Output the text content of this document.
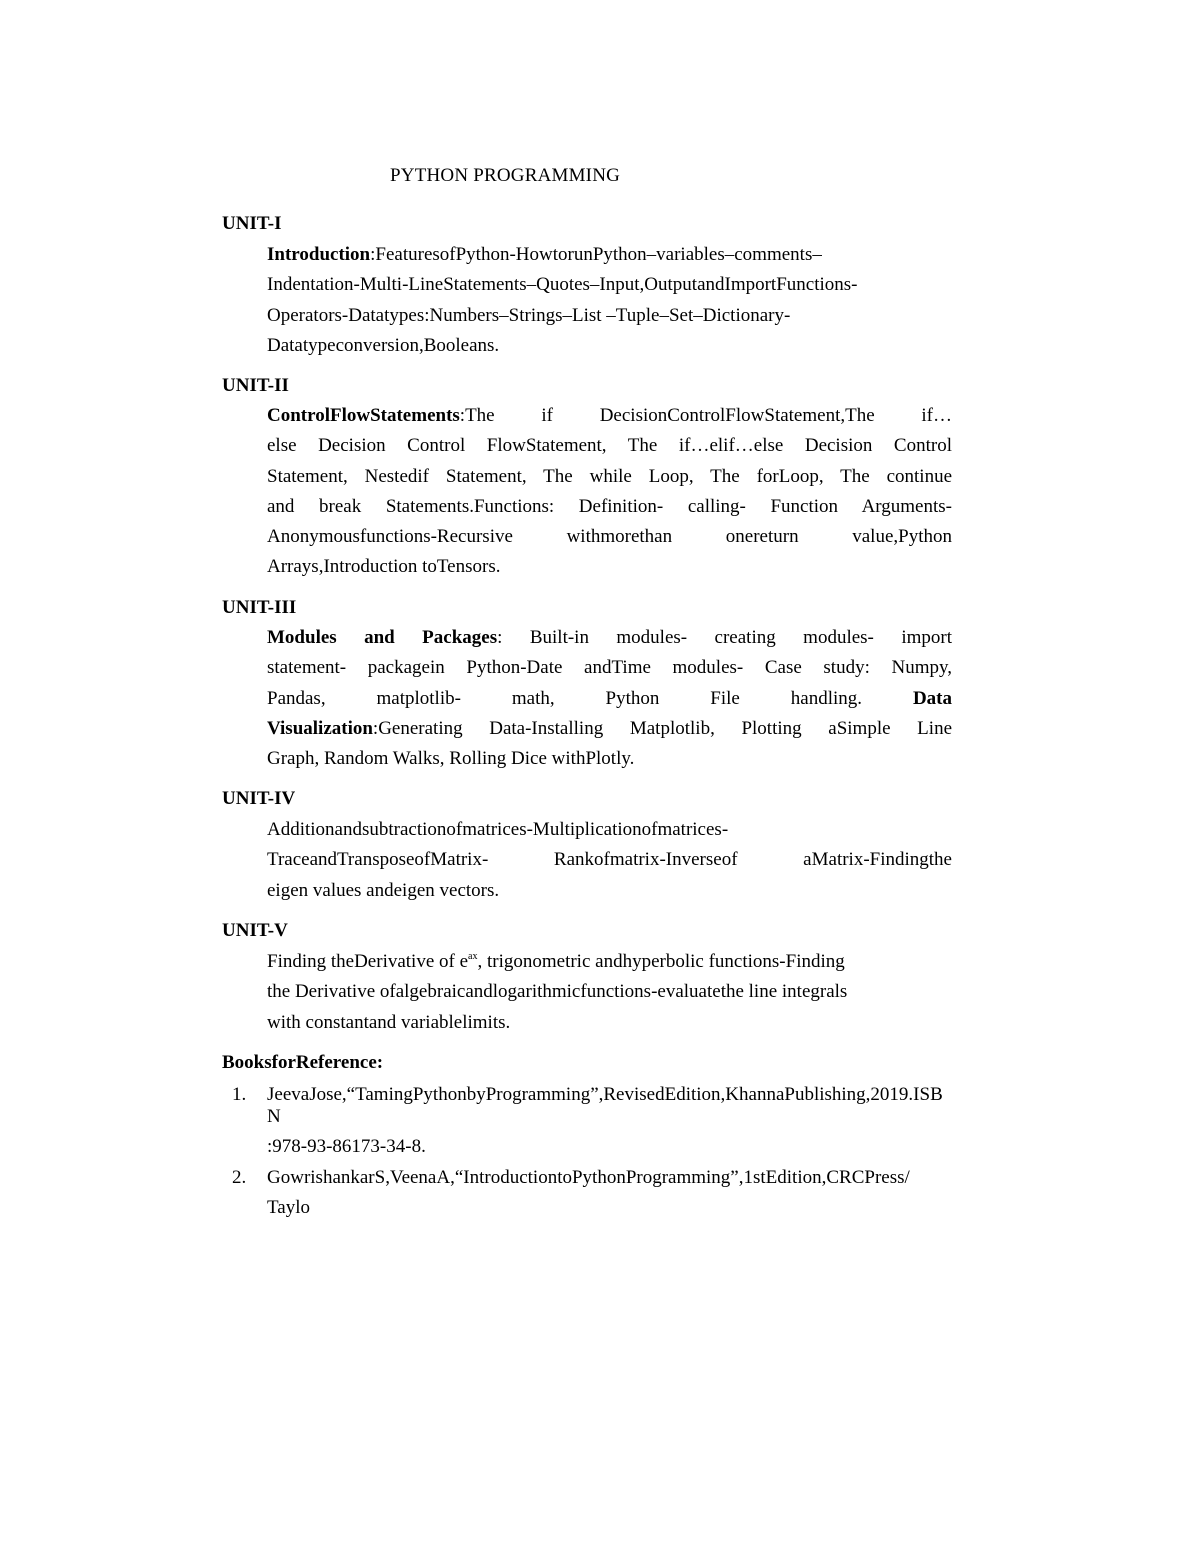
PYTHON PROGRAMMING
UNIT-I
Introduction:FeaturesofPython-HowtorunPython–variables–comments–
Indentation-Multi-LineStatements–Quotes–Input,OutputandImportFunctions-
Operators-Datatypes:Numbers–Strings–List –Tuple–Set–Dictionary-
Datatypeconversion,Booleans.
UNIT-II
ControlFlowStatements:The if DecisionControlFlowStatement,The if…
else Decision Control FlowStatement, The if…elif…else Decision Control
Statement, Nestedif Statement, The while Loop, The forLoop, The continue
and break Statements.Functions: Definition- calling- Function Arguments-
Anonymousfunctions-Recursive withmorethan onereturn value,Python
Arrays,Introduction toTensors.
UNIT-III
Modules and Packages: Built-in modules- creating modules- import
statement- packagein Python-Date andTime modules- Case study: Numpy,
Pandas, matplotlib- math, Python File handling.	Data
Visualization:Generating Data-Installing Matplotlib, Plotting aSimple Line
Graph, Random Walks, Rolling Dice withPlotly.
UNIT-IV
Additionandsubtractionofmatrices-Multiplicationofmatrices-
TraceandTransposeofMatrix- Rankofmatrix-Inverseof aMatrix-Findingthe
eigen values andeigen vectors.
UNIT-V
Finding theDerivative of $e^{ax}$, trigonometric andhyperbolic functions-Finding
the Derivative ofalgebraicandlogarithmicfunctions-evaluatethe line integrals
with constantand variablelimits.
BooksforReference:
1. JeevaJose,“TamingPythonbyProgramming”,RevisedEdition,KhannaPublishing,2019.ISB
N
:978-93-86173-34-8.
2. GowrishankarS,VeenaA,“IntroductiontoPythonProgramming”,1stEdition,CRCPress/
Taylo
